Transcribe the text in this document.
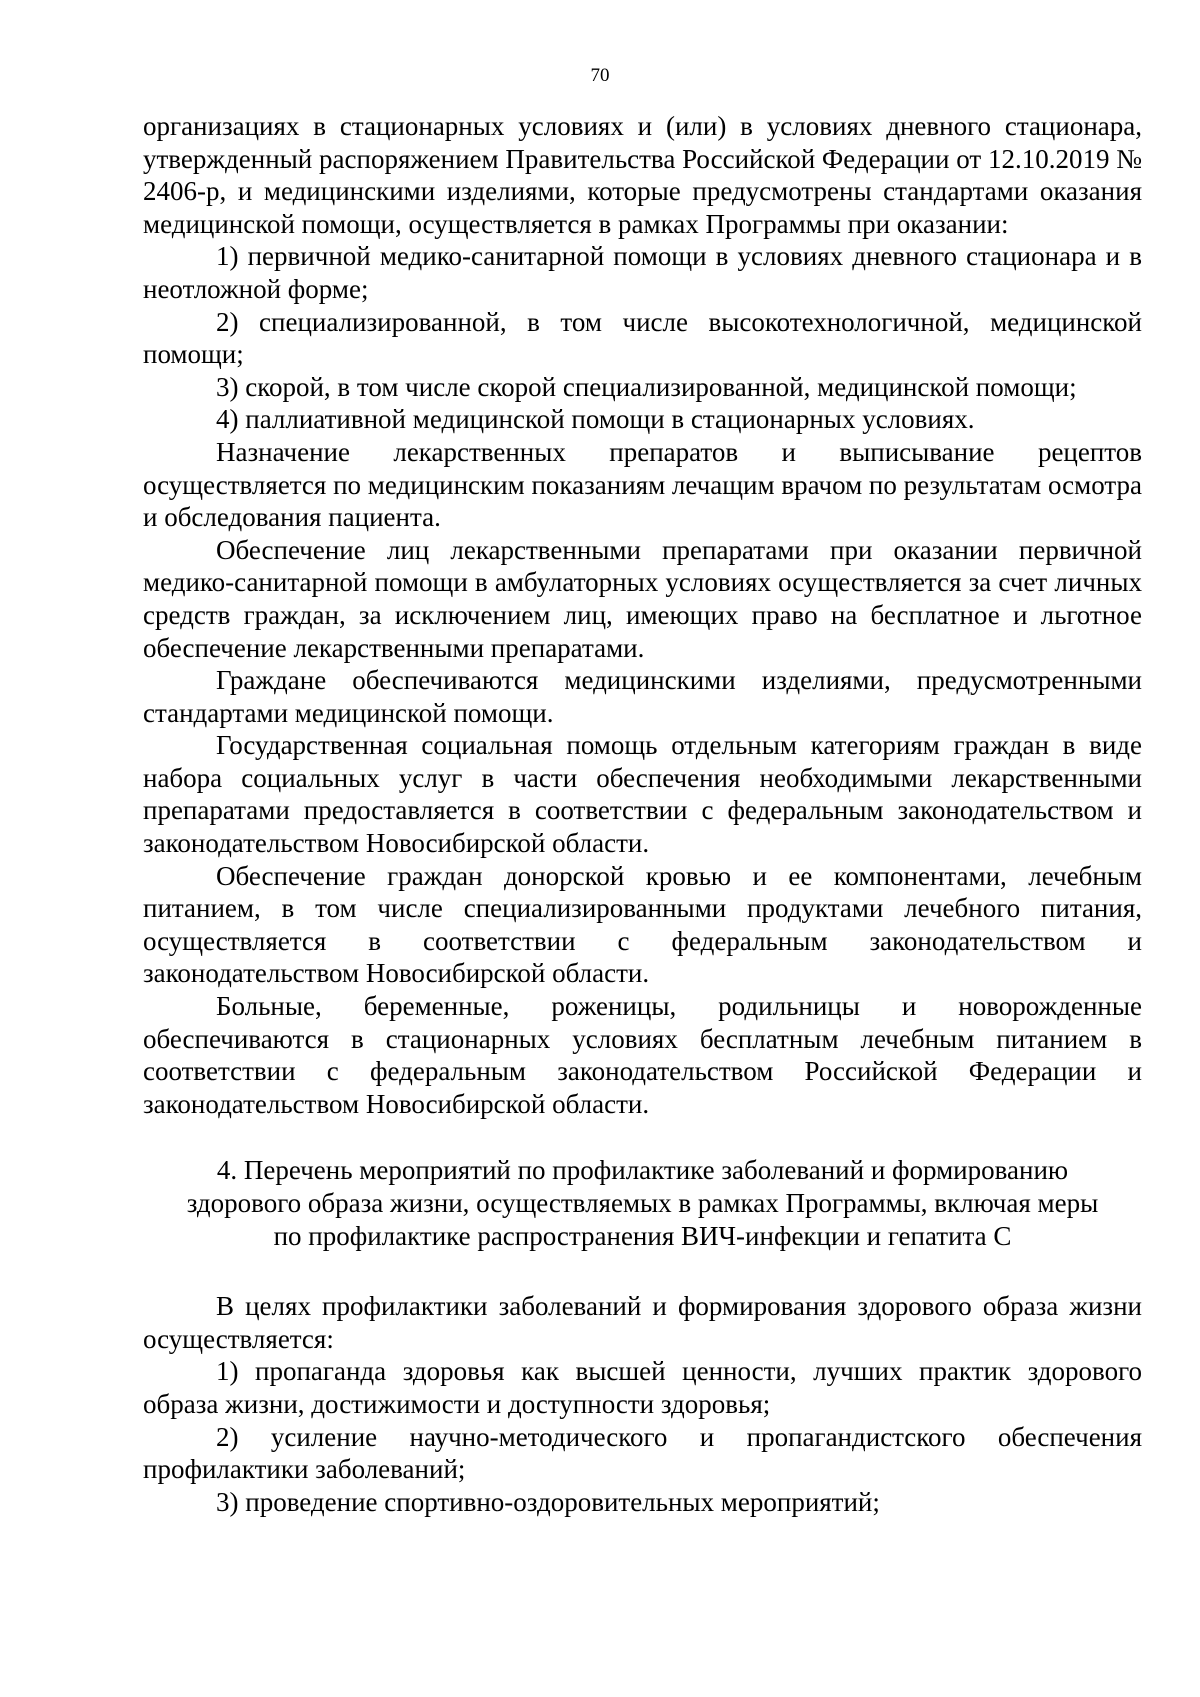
70

организациях в стационарных условиях и (или) в условиях дневного стационара, утвержденный распоряжением Правительства Российской Федерации от 12.10.2019 № 2406-р, и медицинскими изделиями, которые предусмотрены стандартами оказания медицинской помощи, осуществляется в рамках Программы при оказании:

1) первичной медико-санитарной помощи в условиях дневного стационара и в неотложной форме;

2) специализированной, в том числе высокотехнологичной, медицинской помощи;

3) скорой, в том числе скорой специализированной, медицинской помощи;

4) паллиативной медицинской помощи в стационарных условиях.

Назначение лекарственных препаратов и выписывание рецептов осуществляется по медицинским показаниям лечащим врачом по результатам осмотра и обследования пациента.

Обеспечение лиц лекарственными препаратами при оказании первичной медико-санитарной помощи в амбулаторных условиях осуществляется за счет личных средств граждан, за исключением лиц, имеющих право на бесплатное и льготное обеспечение лекарственными препаратами.

Граждане обеспечиваются медицинскими изделиями, предусмотренными стандартами медицинской помощи.

Государственная социальная помощь отдельным категориям граждан в виде набора социальных услуг в части обеспечения необходимыми лекарственными препаратами предоставляется в соответствии с федеральным законодательством и законодательством Новосибирской области.

Обеспечение граждан донорской кровью и ее компонентами, лечебным питанием, в том числе специализированными продуктами лечебного питания, осуществляется в соответствии с федеральным законодательством и законодательством Новосибирской области.

Больные, беременные, роженицы, родильницы и новорожденные обеспечиваются в стационарных условиях бесплатным лечебным питанием в соответствии с федеральным законодательством Российской Федерации и законодательством Новосибирской области.

4. Перечень мероприятий по профилактике заболеваний и формированию
здорового образа жизни, осуществляемых в рамках Программы, включая меры
по профилактике распространения ВИЧ-инфекции и гепатита С

В целях профилактики заболеваний и формирования здорового образа жизни осуществляется:

1) пропаганда здоровья как высшей ценности, лучших практик здорового образа жизни, достижимости и доступности здоровья;

2) усиление научно-методического и пропагандистского обеспечения профилактики заболеваний;

3) проведение спортивно-оздоровительных мероприятий;
